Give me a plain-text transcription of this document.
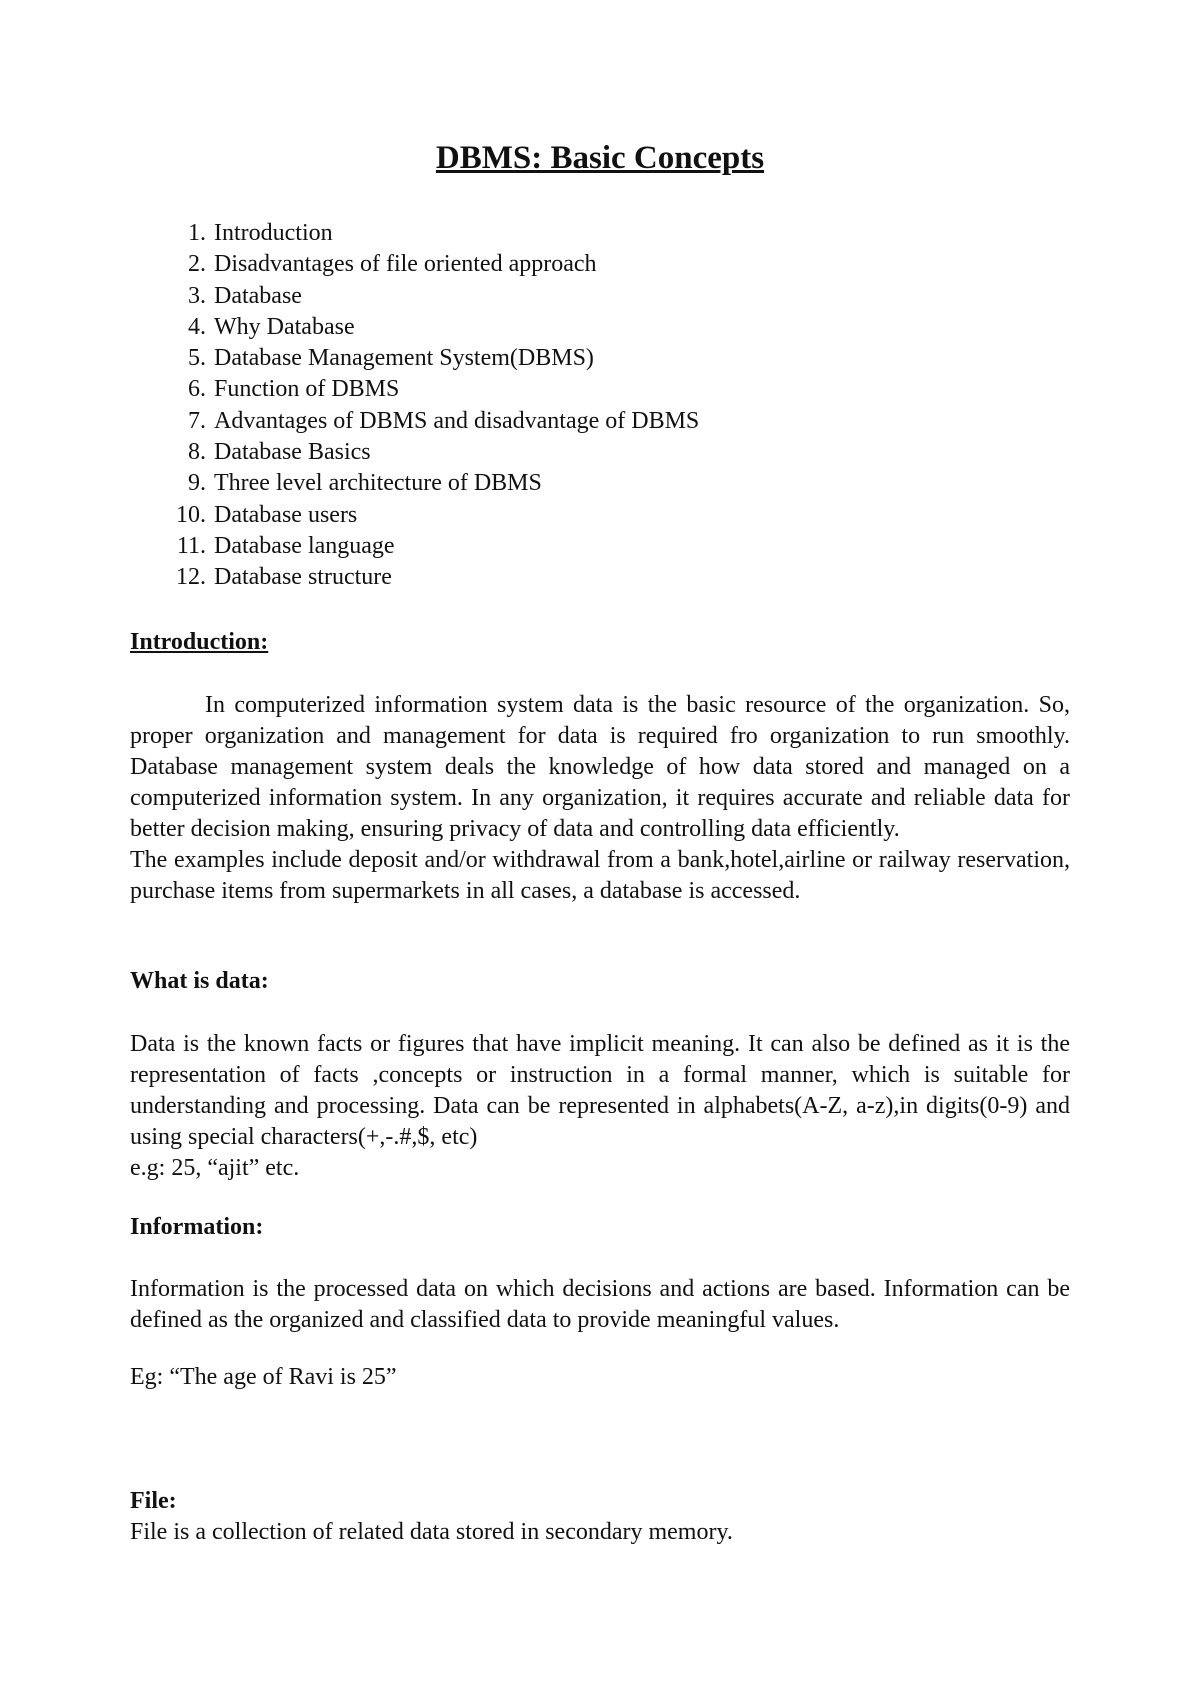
DBMS: Basic Concepts
1. Introduction
2. Disadvantages of file oriented approach
3. Database
4. Why Database
5. Database Management System(DBMS)
6. Function of DBMS
7. Advantages of DBMS and disadvantage of DBMS
8. Database Basics
9. Three level architecture of DBMS
10. Database users
11. Database language
12. Database structure
Introduction:
In computerized information system data is the basic resource of the organization. So, proper organization and management for data is required fro organization to run smoothly. Database management system deals the knowledge of how data stored and managed on a computerized information system. In any organization, it requires accurate and reliable data for better decision making, ensuring privacy of data and controlling data efficiently.
The examples include deposit and/or withdrawal from a bank,hotel,airline or railway reservation, purchase items from supermarkets in all cases, a database is accessed.
What is data:
Data is the known facts or figures that have implicit meaning. It can also be defined as it is the representation of facts ,concepts or instruction in a formal manner, which is suitable for understanding and processing. Data can be represented in alphabets(A-Z, a-z),in digits(0-9) and using special characters(+,-.#,$, etc)
e.g: 25, “ajit” etc.
Information:
Information is the processed data on which decisions and actions are based. Information can be defined as the organized and classified data to provide meaningful values.
Eg: “The age of Ravi is 25”
File:
File is a collection of related data stored in secondary memory.
